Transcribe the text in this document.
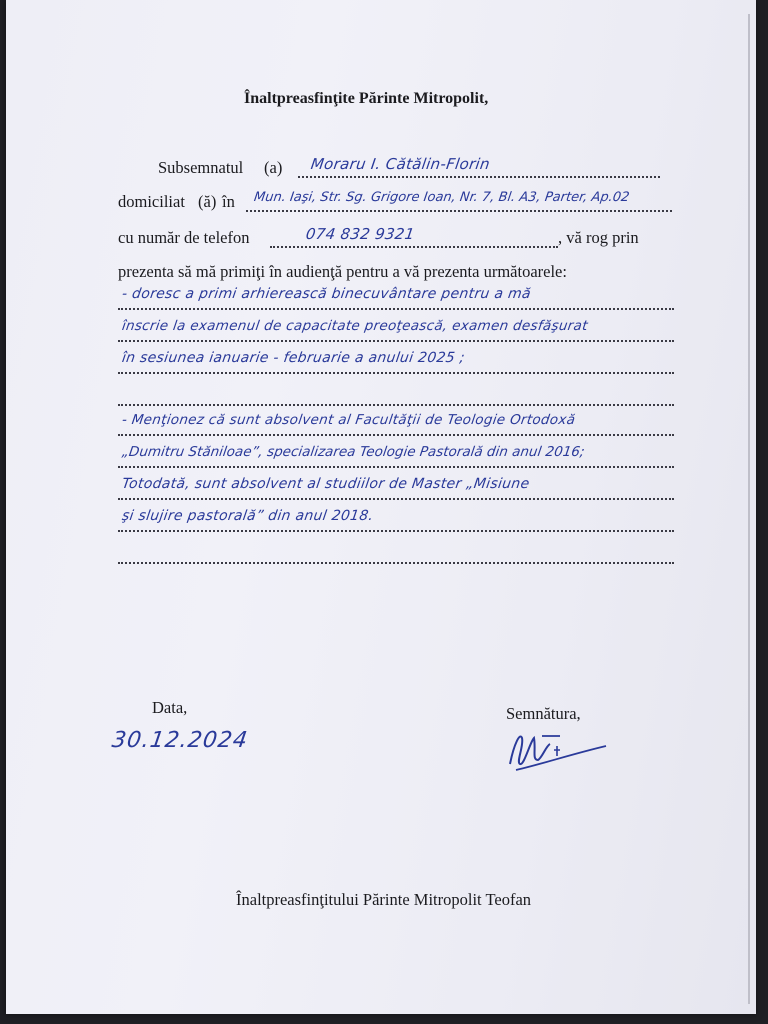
Înaltpreasfinţite Părinte Mitropolit,
Subsemnatul (a) Moraru I. Cătălin-Florin
domiciliat (ă) în Mun. Iaşi, Str. Sg. Grigore Ioan, Nr. 7, Bl. A3, Parter, Ap.02
cu număr de telefon	074 832 9321	, vă rog prin
prezenta să mă primiţi în audienţă pentru a vă prezenta următoarele:
- doresc a primi arhierească binecuvântare pentru a mă
înscrie la examenul de capacitate preoţească, examen desfăşurat
în sesiunea ianuarie - februarie a anului 2025 ;
- Menţionez că sunt absolvent al Facultăţii de Teologie Ortodoxă
„Dumitru Stăniloae”, specializarea Teologie Pastorală din anul 2016;
Totodată, sunt absolvent al studiilor de Master „Misiune
şi slujire pastorală” din anul 2018.
Data,
30.12.2024
Semnătura,
Înaltpreasfinţitului Părinte Mitropolit Teofan
